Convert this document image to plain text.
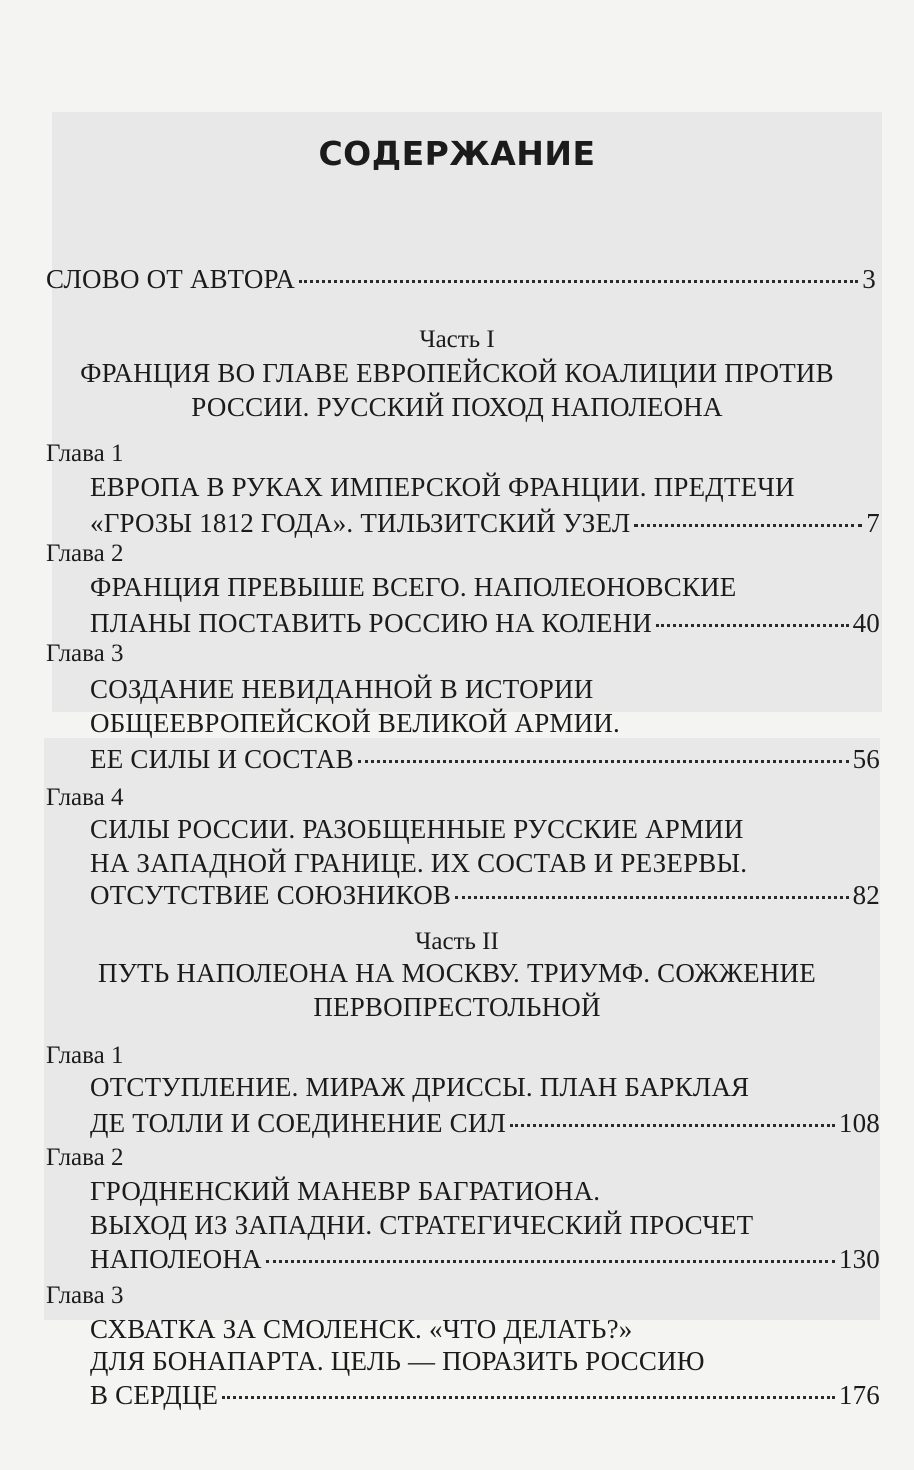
СОДЕРЖАНИЕ
СЛОВО ОТ АВТОРА	3
Часть I
ФРАНЦИЯ ВО ГЛАВЕ ЕВРОПЕЙСКОЙ КОАЛИЦИИ ПРОТИВ
РОССИИ. РУССКИЙ ПОХОД НАПОЛЕОНА
Глава 1
ЕВРОПА В РУКАХ ИМПЕРСКОЙ ФРАНЦИИ. ПРЕДТЕЧИ
«ГРОЗЫ 1812 ГОДА». ТИЛЬЗИТСКИЙ УЗЕЛ	7
Глава 2
ФРАНЦИЯ ПРЕВЫШЕ ВСЕГО. НАПОЛЕОНОВСКИЕ
ПЛАНЫ ПОСТАВИТЬ РОССИЮ НА КОЛЕНИ	40
Глава 3
СОЗДАНИЕ НЕВИДАННОЙ В ИСТОРИИ
ОБЩЕЕВРОПЕЙСКОЙ ВЕЛИКОЙ АРМИИ.
ЕЕ СИЛЫ И СОСТАВ	56
Глава 4
СИЛЫ РОССИИ. РАЗОБЩЕННЫЕ РУССКИЕ АРМИИ
НА ЗАПАДНОЙ ГРАНИЦЕ. ИХ СОСТАВ И РЕЗЕРВЫ.
ОТСУТСТВИЕ СОЮЗНИКОВ	82
Часть II
ПУТЬ НАПОЛЕОНА НА МОСКВУ. ТРИУМФ. СОЖЖЕНИЕ
ПЕРВОПРЕСТОЛЬНОЙ
Глава 1
ОТСТУПЛЕНИЕ. МИРАЖ ДРИССЫ. ПЛАН БАРКЛАЯ
ДЕ ТОЛЛИ И СОЕДИНЕНИЕ СИЛ	108
Глава 2
ГРОДНЕНСКИЙ МАНЕВР БАГРАТИОНА.
ВЫХОД ИЗ ЗАПАДНИ. СТРАТЕГИЧЕСКИЙ ПРОСЧЕТ
НАПОЛЕОНА	130
Глава 3
СХВАТКА ЗА СМОЛЕНСК. «ЧТО ДЕЛАТЬ?»
ДЛЯ БОНАПАРТА. ЦЕЛЬ — ПОРАЗИТЬ РОССИЮ
В СЕРДЦЕ	176
